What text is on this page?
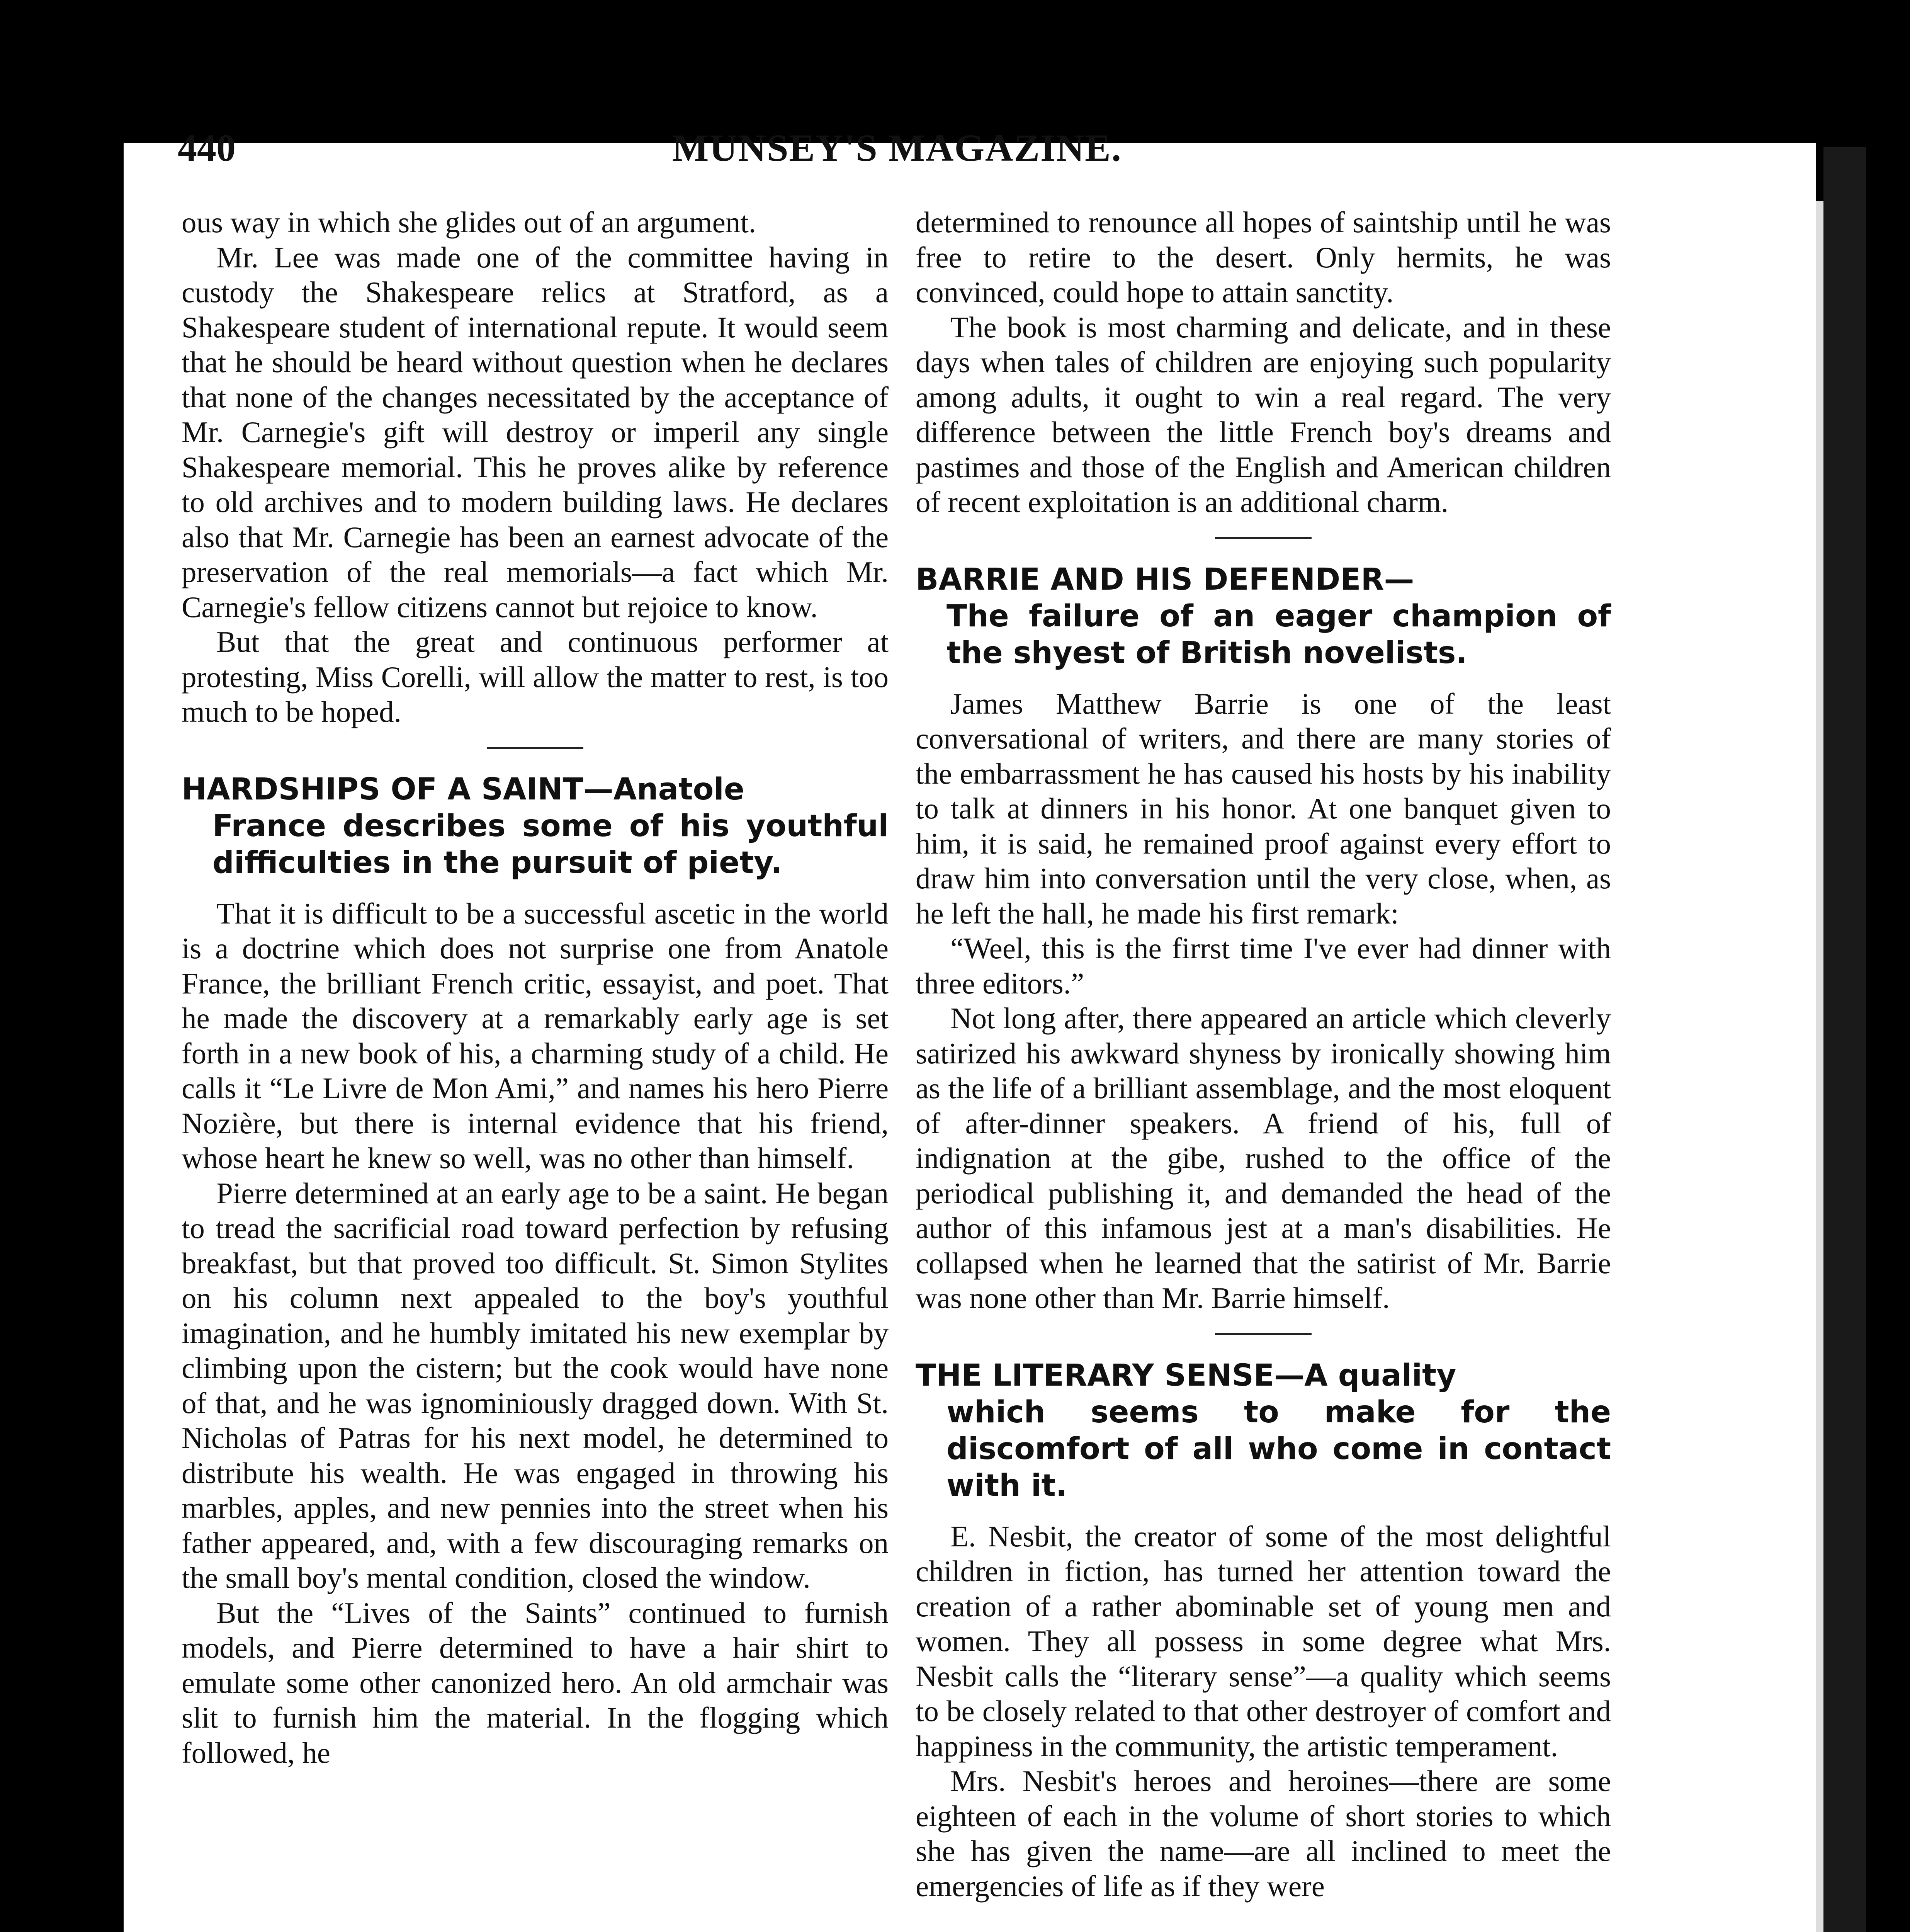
440	MUNSEY'S MAGAZINE.

ous way in which she glides out of an argument.

Mr. Lee was made one of the committee having in custody the Shakespeare relics at Stratford, as a Shakespeare student of international repute. It would seem that he should be heard without question when he declares that none of the changes necessitated by the acceptance of Mr. Carnegie's gift will destroy or imperil any single Shakespeare memorial. This he proves alike by reference to old archives and to modern building laws. He declares also that Mr. Carnegie has been an earnest advocate of the preservation of the real memorials—a fact which Mr. Carnegie's fellow citizens cannot but rejoice to know.

But that the great and continuous performer at protesting, Miss Corelli, will allow the matter to rest, is too much to be hoped.

HARDSHIPS OF A SAINT—Anatole
France describes some of his youthful difficulties in the pursuit of piety.

That it is difficult to be a successful ascetic in the world is a doctrine which does not surprise one from Anatole France, the brilliant French critic, essayist, and poet. That he made the discovery at a remarkably early age is set forth in a new book of his, a charming study of a child. He calls it “Le Livre de Mon Ami,” and names his hero Pierre Nozière, but there is internal evidence that his friend, whose heart he knew so well, was no other than himself.

Pierre determined at an early age to be a saint. He began to tread the sacrificial road toward perfection by refusing breakfast, but that proved too difficult. St. Simon Stylites on his column next appealed to the boy's youthful imagination, and he humbly imitated his new exemplar by climbing upon the cistern; but the cook would have none of that, and he was ignominiously dragged down. With St. Nicholas of Patras for his next model, he determined to distribute his wealth. He was engaged in throwing his marbles, apples, and new pennies into the street when his father appeared, and, with a few discouraging remarks on the small boy's mental condition, closed the window.

But the “Lives of the Saints” continued to furnish models, and Pierre determined to have a hair shirt to emulate some other canonized hero. An old armchair was slit to furnish him the material. In the flogging which followed, he

determined to renounce all hopes of saintship until he was free to retire to the desert. Only hermits, he was convinced, could hope to attain sanctity.

The book is most charming and delicate, and in these days when tales of children are enjoying such popularity among adults, it ought to win a real regard. The very difference between the little French boy's dreams and pastimes and those of the English and American children of recent exploitation is an additional charm.

BARRIE AND HIS DEFENDER—
The failure of an eager champion of the shyest of British novelists.

James Matthew Barrie is one of the least conversational of writers, and there are many stories of the embarrassment he has caused his hosts by his inability to talk at dinners in his honor. At one banquet given to him, it is said, he remained proof against every effort to draw him into conversation until the very close, when, as he left the hall, he made his first remark:

“Weel, this is the firrst time I've ever had dinner with three editors.”

Not long after, there appeared an article which cleverly satirized his awkward shyness by ironically showing him as the life of a brilliant assemblage, and the most eloquent of after-dinner speakers. A friend of his, full of indignation at the gibe, rushed to the office of the periodical publishing it, and demanded the head of the author of this infamous jest at a man's disabilities. He collapsed when he learned that the satirist of Mr. Barrie was none other than Mr. Barrie himself.

THE LITERARY SENSE—A quality
which seems to make for the discomfort of all who come in contact with it.

E. Nesbit, the creator of some of the most delightful children in fiction, has turned her attention toward the creation of a rather abominable set of young men and women. They all possess in some degree what Mrs. Nesbit calls the “literary sense”—a quality which seems to be closely related to that other destroyer of comfort and happiness in the community, the artistic temperament.

Mrs. Nesbit's heroes and heroines—there are some eighteen of each in the volume of short stories to which she has given the name—are all inclined to meet the emergencies of life as if they were
